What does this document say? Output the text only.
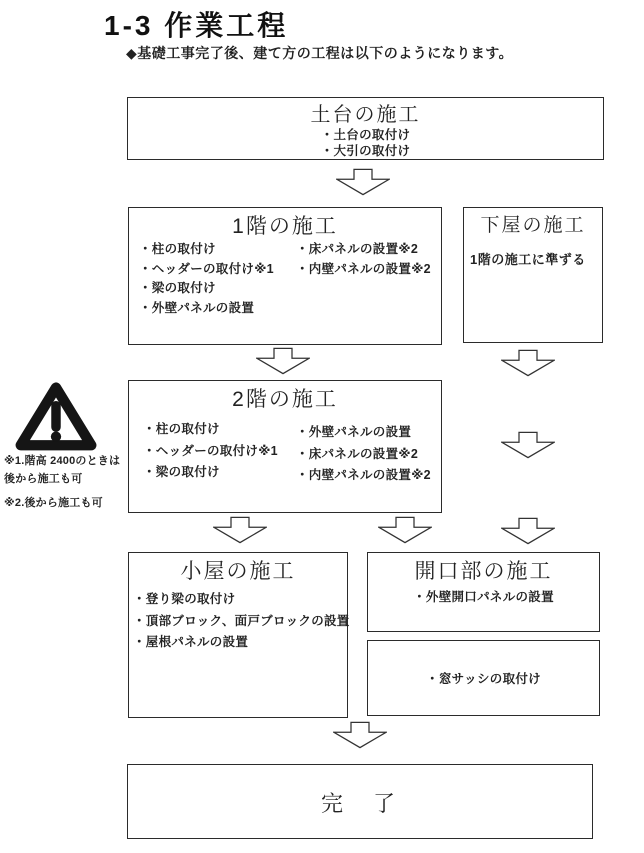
1-3 作業工程
◆基礎工事完了後、建て方の工程は以下のようになります。
土台の施工
・土台の取付け
・大引の取付け
1階の施工
・柱の取付け
・ヘッダーの取付け※1
・梁の取付け
・外壁パネルの設置
・床パネルの設置※2
・内壁パネルの設置※2
下屋の施工
1階の施工に準ずる
2階の施工
・柱の取付け
・ヘッダーの取付け※1
・梁の取付け
・外壁パネルの設置
・床パネルの設置※2
・内壁パネルの設置※2
※1.階高 2400のときは
後から施工も可
※2.後から施工も可
小屋の施工
・登り梁の取付け
・頂部ブロック、面戸ブロックの設置
・屋根パネルの設置
開口部の施工
・外壁開口パネルの設置
・窓サッシの取付け
完　了
